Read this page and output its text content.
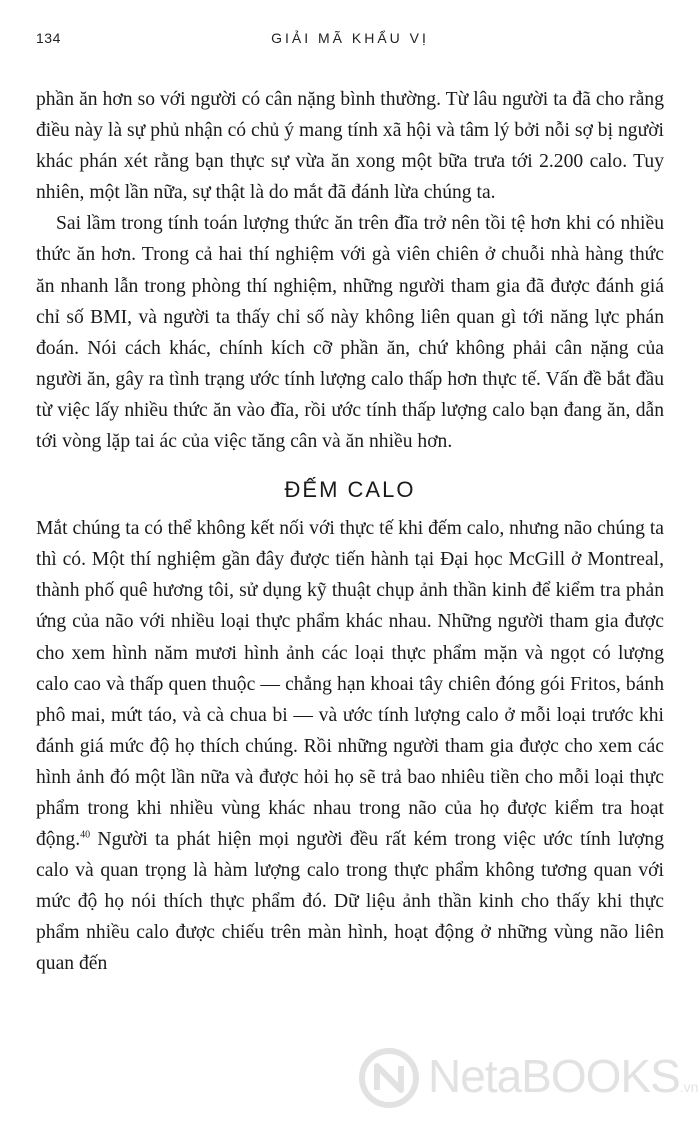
134	GIẢI MÃ KHẨU VỊ

phần ăn hơn so với người có cân nặng bình thường. Từ lâu người ta đã cho rằng điều này là sự phủ nhận có chủ ý mang tính xã hội và tâm lý bởi nỗi sợ bị người khác phán xét rằng bạn thực sự vừa ăn xong một bữa trưa tới 2.200 calo. Tuy nhiên, một lần nữa, sự thật là do mắt đã đánh lừa chúng ta.

Sai lầm trong tính toán lượng thức ăn trên đĩa trở nên tồi tệ hơn khi có nhiều thức ăn hơn. Trong cả hai thí nghiệm với gà viên chiên ở chuỗi nhà hàng thức ăn nhanh lẫn trong phòng thí nghiệm, những người tham gia đã được đánh giá chỉ số BMI, và người ta thấy chỉ số này không liên quan gì tới năng lực phán đoán. Nói cách khác, chính kích cỡ phần ăn, chứ không phải cân nặng của người ăn, gây ra tình trạng ước tính lượng calo thấp hơn thực tế. Vấn đề bắt đầu từ việc lấy nhiều thức ăn vào đĩa, rồi ước tính thấp lượng calo bạn đang ăn, dẫn tới vòng lặp tai ác của việc tăng cân và ăn nhiều hơn.

ĐẾM CALO

Mắt chúng ta có thể không kết nối với thực tế khi đếm calo, nhưng não chúng ta thì có. Một thí nghiệm gần đây được tiến hành tại Đại học McGill ở Montreal, thành phố quê hương tôi, sử dụng kỹ thuật chụp ảnh thần kinh để kiểm tra phản ứng của não với nhiều loại thực phẩm khác nhau. Những người tham gia được cho xem hình năm mươi hình ảnh các loại thực phẩm mặn và ngọt có lượng calo cao và thấp quen thuộc — chẳng hạn khoai tây chiên đóng gói Fritos, bánh phô mai, mứt táo, và cà chua bi — và ước tính lượng calo ở mỗi loại trước khi đánh giá mức độ họ thích chúng. Rồi những người tham gia được cho xem các hình ảnh đó một lần nữa và được hỏi họ sẽ trả bao nhiêu tiền cho mỗi loại thực phẩm trong khi nhiều vùng khác nhau trong não của họ được kiểm tra hoạt động.$^{40}$ Người ta phát hiện mọi người đều rất kém trong việc ước tính lượng calo và quan trọng là hàm lượng calo trong thực phẩm không tương quan với mức độ họ nói thích thực phẩm đó. Dữ liệu ảnh thần kinh cho thấy khi thực phẩm nhiều calo được chiếu trên màn hình, hoạt động ở những vùng não liên quan đến

NetaBOOKS.vn
